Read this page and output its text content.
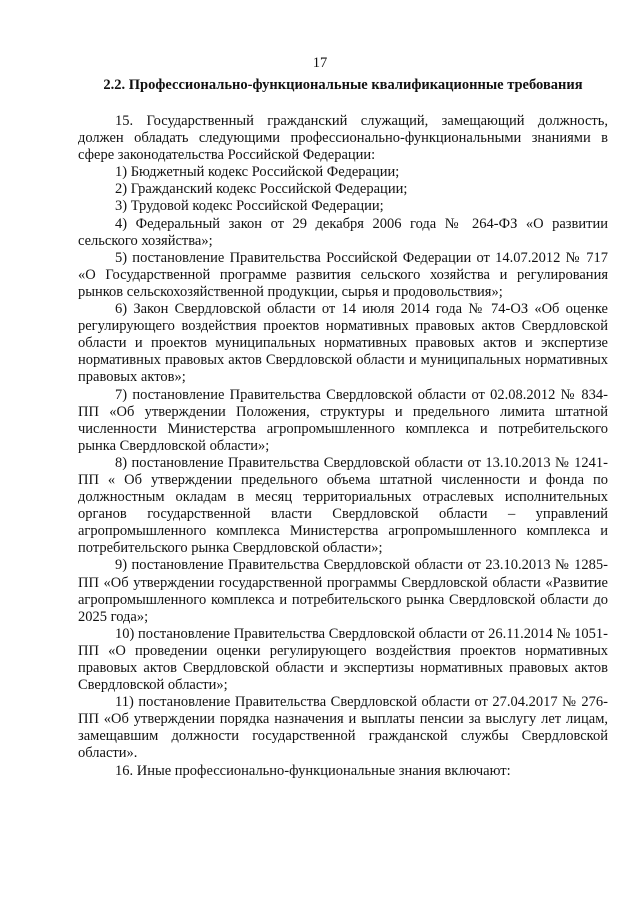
17
2.2. Профессионально-функциональные квалификационные требования

15. Государственный гражданский служащий, замещающий должность, должен обладать следующими профессионально-функциональными знаниями в сфере законодательства Российской Федерации:

1) Бюджетный кодекс Российской Федерации;

2) Гражданский кодекс Российской Федерации;

3) Трудовой кодекс Российской Федерации;

4) Федеральный закон от 29 декабря 2006 года № 264-ФЗ «О развитии сельского хозяйства»;

5) постановление Правительства Российской Федерации от 14.07.2012 № 717 «О Государственной программе развития сельского хозяйства и регулирования рынков сельскохозяйственной продукции, сырья и продовольствия»;

6) Закон Свердловской области от 14 июля 2014 года № 74-ОЗ «Об оценке регулирующего воздействия проектов нормативных правовых актов Свердловской области и проектов муниципальных нормативных правовых актов и экспертизе нормативных правовых актов Свердловской области и муниципальных нормативных правовых актов»;

7) постановление Правительства Свердловской области от 02.08.2012 № 834-ПП «Об утверждении Положения, структуры и предельного лимита штатной численности Министерства агропромышленного комплекса и потребительского рынка Свердловской области»;

8) постановление Правительства Свердловской области от 13.10.2013 № 1241-ПП « Об утверждении предельного объема штатной численности и фонда по должностным окладам в месяц территориальных отраслевых исполнительных органов государственной власти Свердловской области – управлений агропромышленного комплекса Министерства агропромышленного комплекса и потребительского рынка Свердловской области»;

9) постановление Правительства Свердловской области от 23.10.2013 № 1285-ПП «Об утверждении государственной программы Свердловской области «Развитие агропромышленного комплекса и потребительского рынка Свердловской области до 2025 года»;

10) постановление Правительства Свердловской области от 26.11.2014 № 1051-ПП «О проведении оценки регулирующего воздействия проектов нормативных правовых актов Свердловской области и экспертизы нормативных правовых актов Свердловской области»;

11) постановление Правительства Свердловской области от 27.04.2017 № 276-ПП «Об утверждении порядка назначения и выплаты пенсии за выслугу лет лицам, замещавшим должности государственной гражданской службы Свердловской области».

16. Иные профессионально-функциональные знания включают:
